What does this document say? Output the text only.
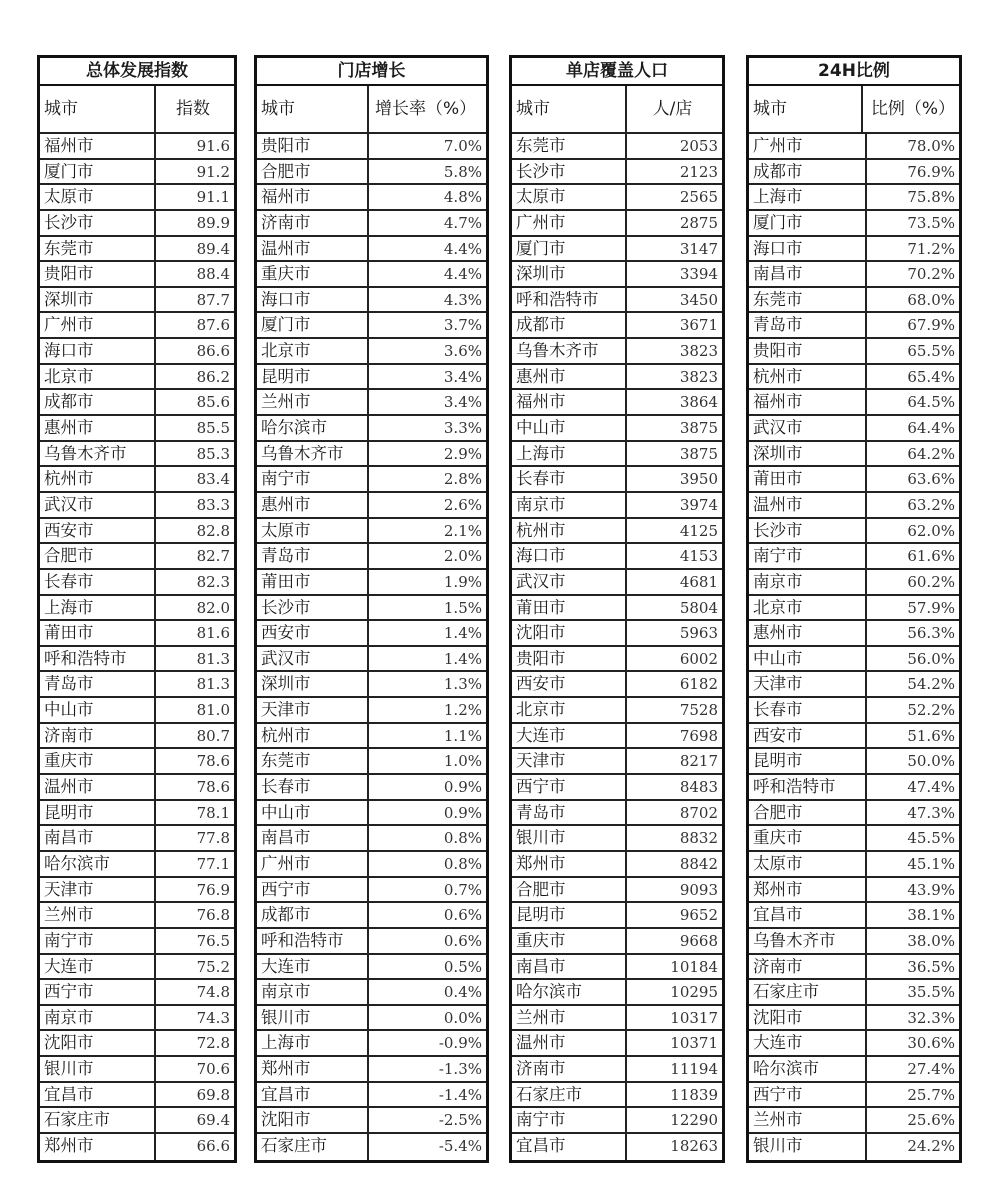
总体发展指数
城市	指数
福州市	91.6
厦门市	91.2
太原市	91.1
长沙市	89.9
东莞市	89.4
贵阳市	88.4
深圳市	87.7
广州市	87.6
海口市	86.6
北京市	86.2
成都市	85.6
惠州市	85.5
乌鲁木齐市	85.3
杭州市	83.4
武汉市	83.3
西安市	82.8
合肥市	82.7
长春市	82.3
上海市	82.0
莆田市	81.6
呼和浩特市	81.3
青岛市	81.3
中山市	81.0
济南市	80.7
重庆市	78.6
温州市	78.6
昆明市	78.1
南昌市	77.8
哈尔滨市	77.1
天津市	76.9
兰州市	76.8
南宁市	76.5
大连市	75.2
西宁市	74.8
南京市	74.3
沈阳市	72.8
银川市	70.6
宜昌市	69.8
石家庄市	69.4
郑州市	66.6
门店增长
城市	增长率（%）
贵阳市	7.0%
合肥市	5.8%
福州市	4.8%
济南市	4.7%
温州市	4.4%
重庆市	4.4%
海口市	4.3%
厦门市	3.7%
北京市	3.6%
昆明市	3.4%
兰州市	3.4%
哈尔滨市	3.3%
乌鲁木齐市	2.9%
南宁市	2.8%
惠州市	2.6%
太原市	2.1%
青岛市	2.0%
莆田市	1.9%
长沙市	1.5%
西安市	1.4%
武汉市	1.4%
深圳市	1.3%
天津市	1.2%
杭州市	1.1%
东莞市	1.0%
长春市	0.9%
中山市	0.9%
南昌市	0.8%
广州市	0.8%
西宁市	0.7%
成都市	0.6%
呼和浩特市	0.6%
大连市	0.5%
南京市	0.4%
银川市	0.0%
上海市	-0.9%
郑州市	-1.3%
宜昌市	-1.4%
沈阳市	-2.5%
石家庄市	-5.4%
单店覆盖人口
城市	人/店
东莞市	2053
长沙市	2123
太原市	2565
广州市	2875
厦门市	3147
深圳市	3394
呼和浩特市	3450
成都市	3671
乌鲁木齐市	3823
惠州市	3823
福州市	3864
中山市	3875
上海市	3875
长春市	3950
南京市	3974
杭州市	4125
海口市	4153
武汉市	4681
莆田市	5804
沈阳市	5963
贵阳市	6002
西安市	6182
北京市	7528
大连市	7698
天津市	8217
西宁市	8483
青岛市	8702
银川市	8832
郑州市	8842
合肥市	9093
昆明市	9652
重庆市	9668
南昌市	10184
哈尔滨市	10295
兰州市	10317
温州市	10371
济南市	11194
石家庄市	11839
南宁市	12290
宜昌市	18263
24H比例
城市	比例（%）
广州市	78.0%
成都市	76.9%
上海市	75.8%
厦门市	73.5%
海口市	71.2%
南昌市	70.2%
东莞市	68.0%
青岛市	67.9%
贵阳市	65.5%
杭州市	65.4%
福州市	64.5%
武汉市	64.4%
深圳市	64.2%
莆田市	63.6%
温州市	63.2%
长沙市	62.0%
南宁市	61.6%
南京市	60.2%
北京市	57.9%
惠州市	56.3%
中山市	56.0%
天津市	54.2%
长春市	52.2%
西安市	51.6%
昆明市	50.0%
呼和浩特市	47.4%
合肥市	47.3%
重庆市	45.5%
太原市	45.1%
郑州市	43.9%
宜昌市	38.1%
乌鲁木齐市	38.0%
济南市	36.5%
石家庄市	35.5%
沈阳市	32.3%
大连市	30.6%
哈尔滨市	27.4%
西宁市	25.7%
兰州市	25.6%
银川市	24.2%
